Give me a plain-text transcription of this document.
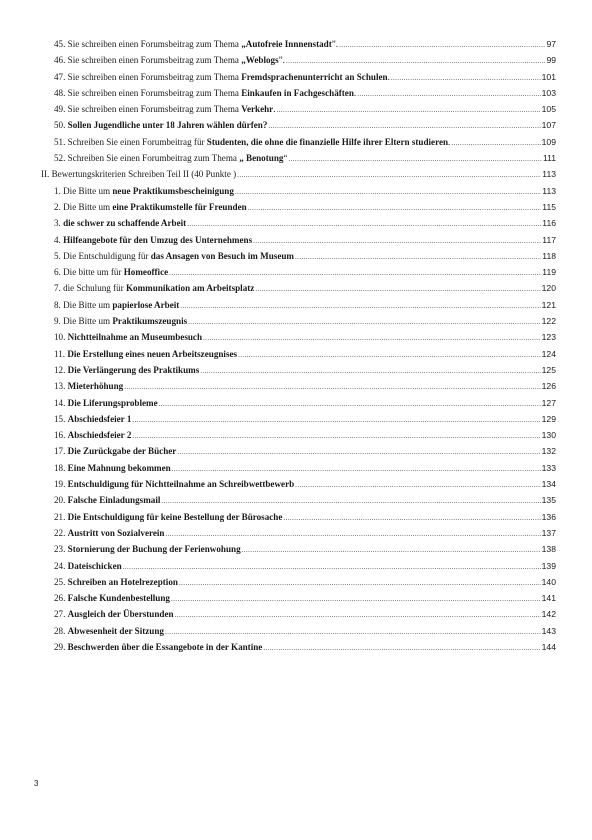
45. Sie schreiben einen Forumsbeitrag zum Thema „Autofreie Innnenstadt”. .....	97
46. Sie schreiben einen Forumsbeitrag zum Thema „Weblogs”. .....	99
47. Sie schreiben einen Forumsbeitrag zum Thema Fremdsprachenunterricht an Schulen. .....	101
48. Sie schreiben einen Forumsbeitrag zum Thema Einkaufen in Fachgeschäften. .....	103
49. Sie schreiben einen Forumsbeitrag zum Thema Verkehr. .....	105
50. Sollen Jugendliche unter 18 Jahren wählen dürfen? .....	107
51. Schreiben Sie einen Forumbeitrag für Studenten, die ohne die finanzielle Hilfe ihrer Eltern studieren. .....	109
52. Schreiben Sie einen Forumbeitrag zum Thema „ Benotung“ .....	111
II. Bewertungskriterien Schreiben Teil II (40 Punkte ) .....	113
1. Die Bitte um neue Praktikumsbescheinigung .....	113
2. Die Bitte um eine Praktikumstelle für Freunden .....	115
3. die schwer zu schaffende Arbeit .....	116
4. Hilfeangebote für den Umzug des Unternehmens .....	117
5. Die Entschuldigung für das Ansagen von Besuch im Museum .....	118
6. Die bitte um für Homeoffice .....	119
7. die Schulung für Kommunikation am Arbeitsplatz .....	120
8. Die Bitte um papierlose Arbeit .....	121
9. Die Bitte um Praktikumszeugnis .....	122
10. Nichtteilnahme an Museumbesuch .....	123
11. Die Erstellung eines neuen Arbeitszeugnises .....	124
12. Die Verlängerung des Praktikums .....	125
13. Mieterhöhung .....	126
14. Die Liferungsprobleme .....	127
15. Abschiedsfeier 1 .....	129
16. Abschiedsfeier 2 .....	130
17. Die Zurückgabe der Bücher .....	132
18. Eine Mahnung bekommen .....	133
19. Entschuldigung für Nichtteilnahme an Schreibwettbewerb .....	134
20. Falsche Einladungsmail .....	135
21. Die Entschuldigung für keine Bestellung der Bürosache .....	136
22. Austritt von Sozialverein .....	137
23. Stornierung der Buchung der Ferienwohung .....	138
24. Dateischicken .....	139
25. Schreiben an Hotelrezeption .....	140
26. Falsche Kundenbestellung .....	141
27. Ausgleich der Überstunden .....	142
28. Abwesenheit der Sitzung .....	143
29. Beschwerden über die Essangebote in der Kantine .....	144
3
